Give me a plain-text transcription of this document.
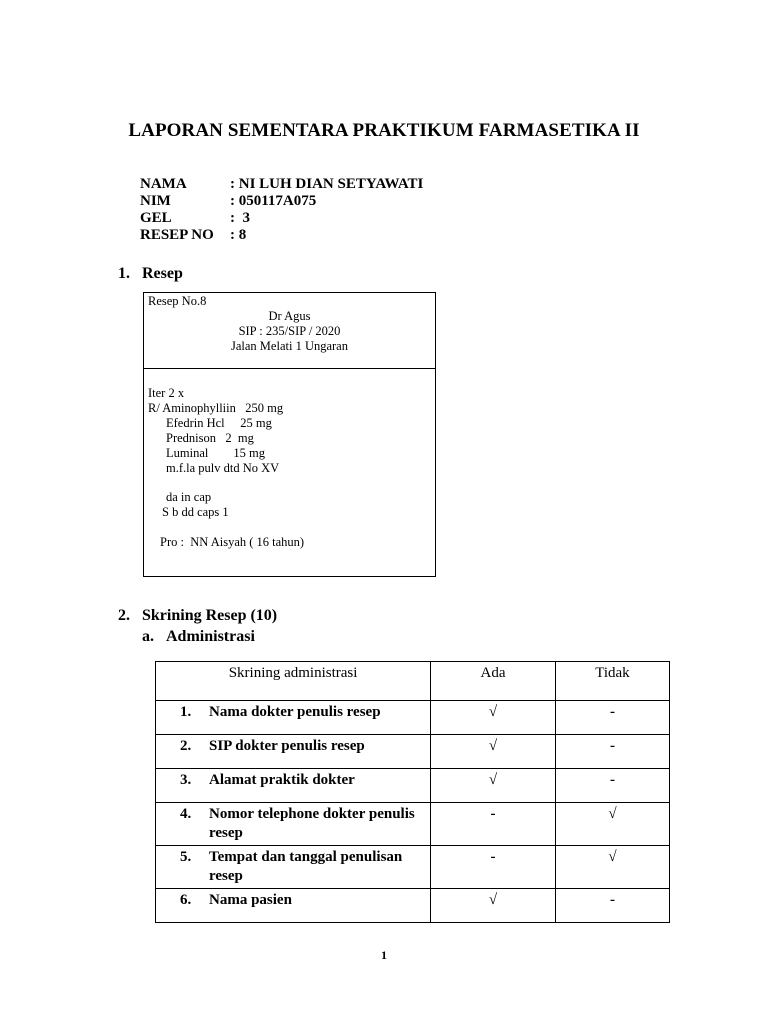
LAPORAN SEMENTARA PRAKTIKUM FARMASETIKA II
NAMA	: NI LUH DIAN SETYAWATI
NIM	: 050117A075
GEL	:  3
RESEP NO	: 8
1. Resep
Resep No.8
Dr Agus
SIP : 235/SIP / 2020
Jalan Melati 1 Ungaran
Iter 2 x
R/ Aminophylliin   250 mg
Efedrin Hcl     25 mg
Prednison   2  mg
Luminal        15 mg
m.f.la pulv dtd No XV
da in cap
S b dd caps 1
Pro :  NN Aisyah ( 16 tahun)
2. Skrining Resep (10)
a. Administrasi
Skrining administrasi	Ada	Tidak

1. Nama dokter penulis resep	√	-

2. SIP dokter penulis resep	√	-

3. Alamat praktik dokter	√	-

4. Nomor telephone dokter penulis resep	-	√

5. Tempat dan tanggal penulisan resep	-	√

6. Nama pasien	√	-
1
